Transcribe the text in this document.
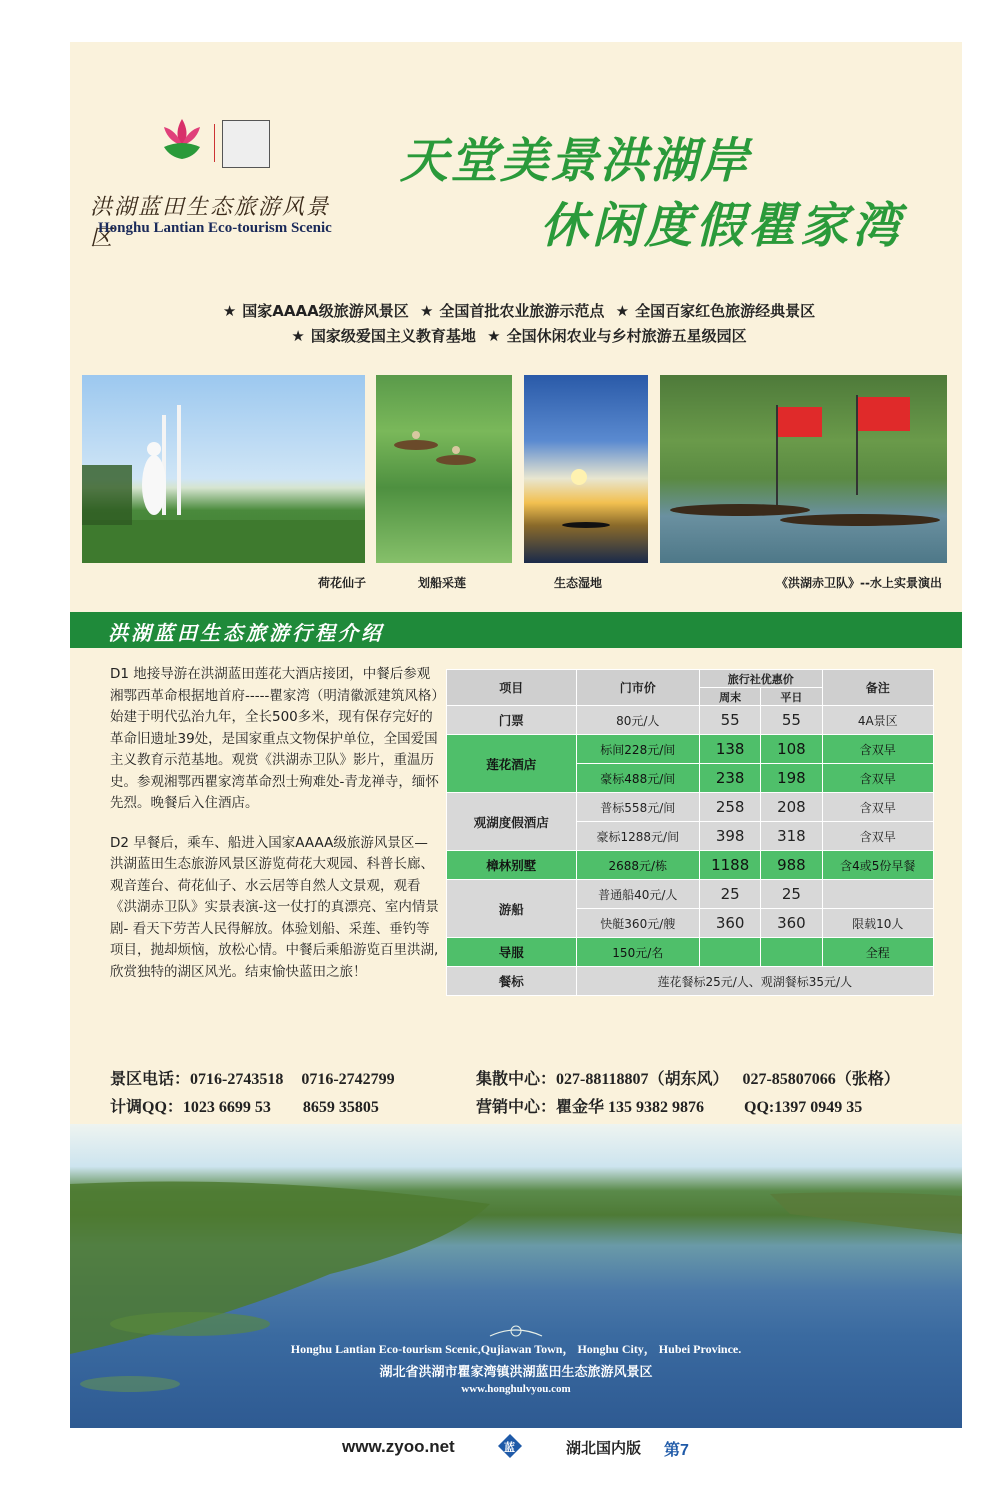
洪湖蓝田生态旅游风景区
Honghu Lantian Eco-tourism Scenic
天堂美景洪湖岸
休闲度假瞿家湾
★ 国家AAAA级旅游风景区 ★ 全国首批农业旅游示范点 ★ 全国百家红色旅游经典景区
★ 国家级爱国主义教育基地 ★ 全国休闲农业与乡村旅游五星级园区
荷花仙子	划船采莲	生态湿地	《洪湖赤卫队》--水上实景演出
洪湖蓝田生态旅游行程介绍

D1 地接导游在洪湖蓝田莲花大酒店接团，中餐后参观湘鄂西革命根据地首府-----瞿家湾（明清徽派建筑风格）始建于明代弘治九年，全长500多米，现有保存完好的革命旧遗址39处，是国家重点文物保护单位，全国爱国主义教育示范基地。观赏《洪湖赤卫队》影片，重温历史。参观湘鄂西瞿家湾革命烈士殉难处-青龙禅寺，缅怀先烈。晚餐后入住酒店。

D2 早餐后，乘车、船进入国家AAAA级旅游风景区—洪湖蓝田生态旅游风景区游览荷花大观园、科普长廊、观音莲台、荷花仙子、水云居等自然人文景观，观看《洪湖赤卫队》实景表演-这一仗打的真漂亮、室内情景剧- 看天下劳苦人民得解放。体验划船、采莲、垂钓等项目，抛却烦恼，放松心情。中餐后乘船游览百里洪湖,欣赏独特的湖区风光。结束愉快蓝田之旅！

项目	门市价	旅行社优惠价		备注
		周末	平日	
门票	80元/人	55	55	4A景区
莲花酒店	标间228元/间	138	108	含双早
	豪标488元/间	238	198	含双早
观湖度假酒店	普标558元/间	258	208	含双早
	豪标1288元/间	398	318	含双早
樟林别墅	2688元/栋	1188	988	含4或5份早餐
游船	普通船40元/人	25	25	
	快艇360元/艘	360	360	限载10人
导服	150元/名			全程
餐标	莲花餐标25元/人、观湖餐标35元/人			
景区电话：0716-2743518 0716-2742799
计调QQ：1023 6699 53 8659 35805
集散中心：027-88118807（胡东风） 027-85807066（张格）
营销中心：瞿金华 135 9382 9876	QQ:1397 0949 35
Honghu Lantian Eco-tourism Scenic,Qujiawan Town， Honghu City， Hubei Province.
湖北省洪湖市瞿家湾镇洪湖蓝田生态旅游风景区
www.honghulvyou.com
www.zyoo.net	蓝	湖北国内版 第7
